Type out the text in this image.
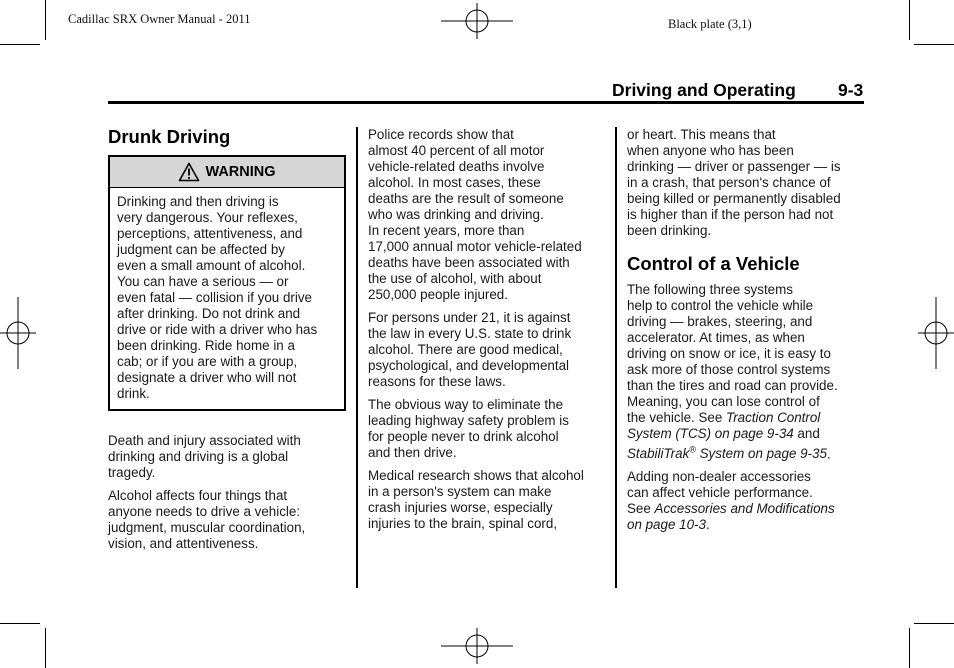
Cadillac SRX Owner Manual - 2011	Black plate (3,1)
Driving and Operating 9-3
Drunk Driving
WARNING
Drinking and then driving is
very dangerous. Your reflexes,
perceptions, attentiveness, and
judgment can be affected by
even a small amount of alcohol.
You can have a serious — or
even fatal — collision if you drive
after drinking. Do not drink and
drive or ride with a driver who has
been drinking. Ride home in a
cab; or if you are with a group,
designate a driver who will not
drink.

Death and injury associated with
drinking and driving is a global
tragedy.

Alcohol affects four things that
anyone needs to drive a vehicle:
judgment, muscular coordination,
vision, and attentiveness.

Police records show that
almost 40 percent of all motor
vehicle-related deaths involve
alcohol. In most cases, these
deaths are the result of someone
who was drinking and driving.
In recent years, more than
17,000 annual motor vehicle-related
deaths have been associated with
the use of alcohol, with about
250,000 people injured.

For persons under 21, it is against
the law in every U.S. state to drink
alcohol. There are good medical,
psychological, and developmental
reasons for these laws.

The obvious way to eliminate the
leading highway safety problem is
for people never to drink alcohol
and then drive.

Medical research shows that alcohol
in a person's system can make
crash injuries worse, especially
injuries to the brain, spinal cord,

or heart. This means that
when anyone who has been
drinking — driver or passenger — is
in a crash, that person's chance of
being killed or permanently disabled
is higher than if the person had not
been drinking.

Control of a Vehicle

The following three systems
help to control the vehicle while
driving — brakes, steering, and
accelerator. At times, as when
driving on snow or ice, it is easy to
ask more of those control systems
than the tires and road can provide.
Meaning, you can lose control of
the vehicle. See Traction Control
System (TCS) on page 9‑34 and
StabiliTrak® System on page 9‑35.

Adding non-dealer accessories
can affect vehicle performance.
See Accessories and Modifications
on page 10‑3.
